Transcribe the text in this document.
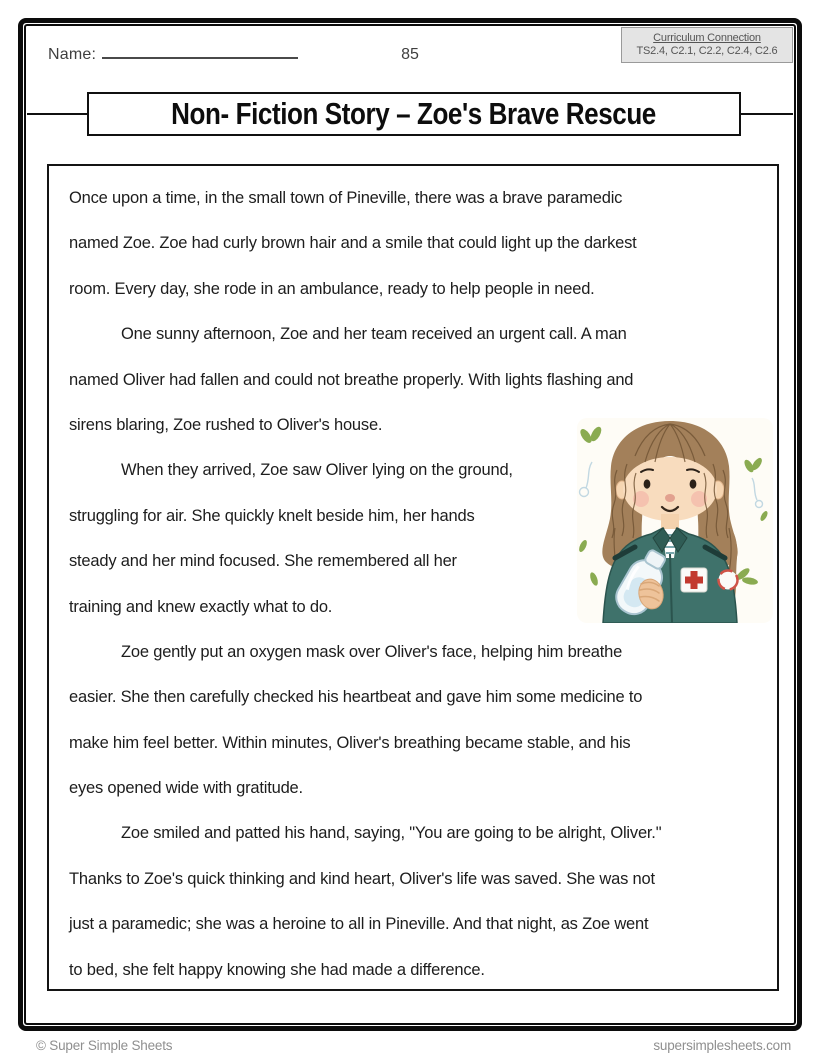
Name:	85
Curriculum Connection
TS2.4, C2.1, C2.2, C2.4, C2.6
Non- Fiction Story – Zoe's Brave Rescue
Once upon a time, in the small town of Pineville, there was a brave paramedic
named Zoe. Zoe had curly brown hair and a smile that could light up the darkest
room. Every day, she rode in an ambulance, ready to help people in need.
One sunny afternoon, Zoe and her team received an urgent call. A man
named Oliver had fallen and could not breathe properly. With lights flashing and
sirens blaring, Zoe rushed to Oliver's house.
When they arrived, Zoe saw Oliver lying on the ground,
struggling for air. She quickly knelt beside him, her hands
steady and her mind focused. She remembered all her
training and knew exactly what to do.
Zoe gently put an oxygen mask over Oliver's face, helping him breathe
easier. She then carefully checked his heartbeat and gave him some medicine to
make him feel better. Within minutes, Oliver's breathing became stable, and his
eyes opened wide with gratitude.
Zoe smiled and patted his hand, saying, "You are going to be alright, Oliver."
Thanks to Zoe's quick thinking and kind heart, Oliver's life was saved. She was not
just a paramedic; she was a heroine to all in Pineville. And that night, as Zoe went
to bed, she felt happy knowing she had made a difference.
© Super Simple Sheets	supersimplesheets.com
